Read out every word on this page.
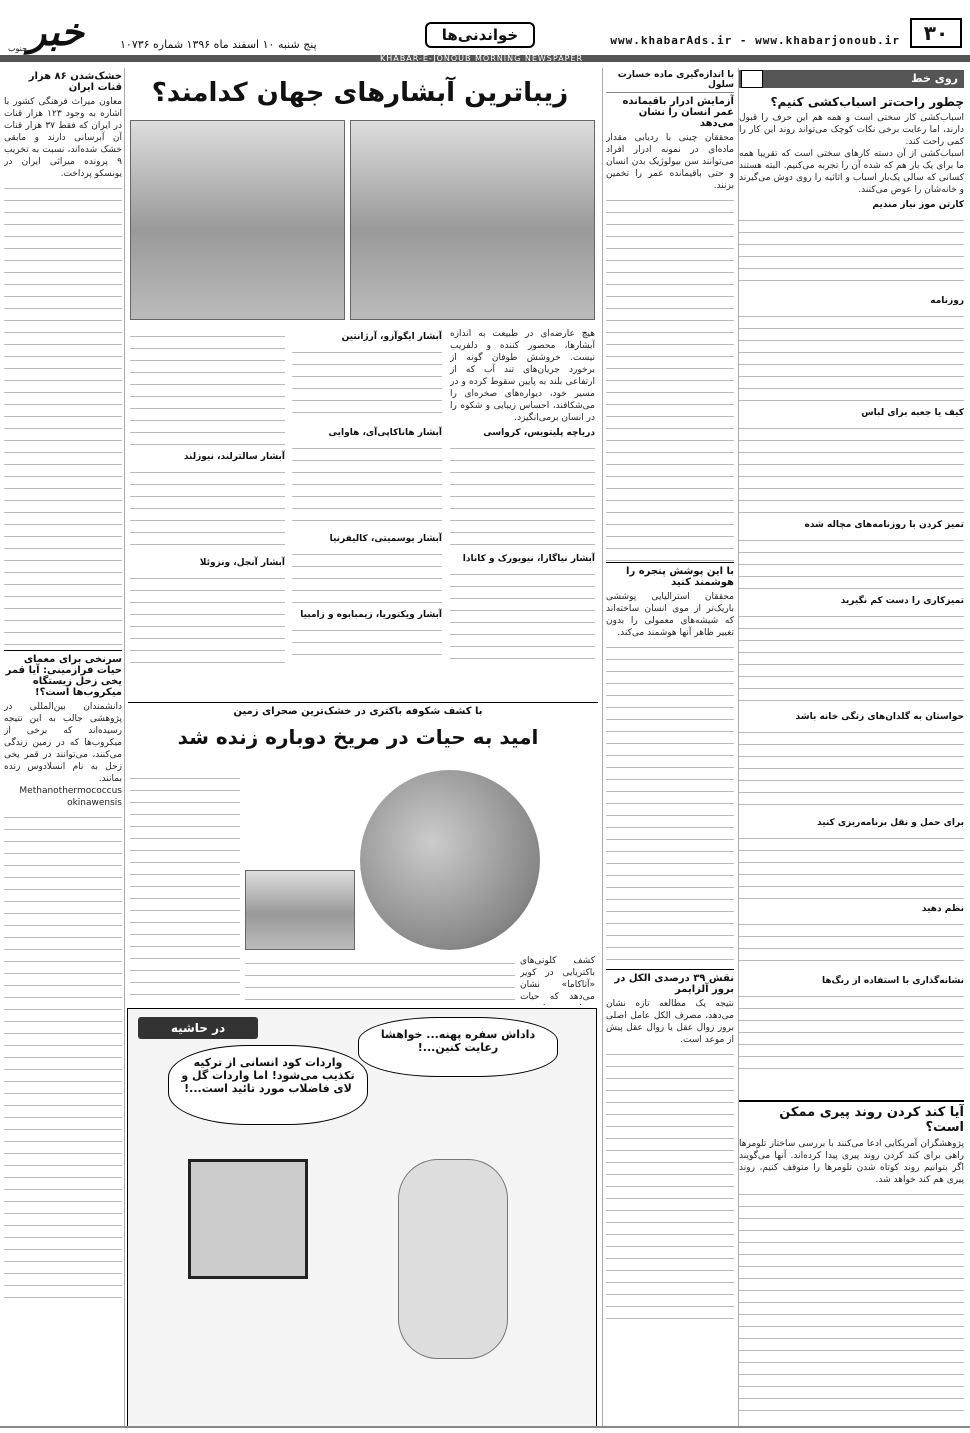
۳۰
www.khabarAds.ir - www.khabarjonoub.ir
خواندنی‌ها
پنج شنبه ۱۰ اسفند ماه ۱۳۹۶ شماره ۱۰۷۳۶
خبر
جنوب
KHABAR-E-JONOUB MORNING NEWSPAPER
روی خط
چطور راحت‌تر اسباب‌کشی کنیم؟
اسباب‌کشی کار سختی است و همه هم این حرف را قبول دارند، اما رعایت برخی نکات کوچک می‌تواند روند این کار را کمی راحت کند.
اسباب‌کشی از آن دسته کارهای سختی است که تقریبا همه ما برای یک بار هم که شده آن را تجربه می‌کنیم. البته هستند کسانی که سالی یک‌بار اسباب و اثاثیه را روی دوش می‌گیرند و خانه‌شان را عوض می‌کنند.
کارتن موز نیاز مندیم
روزنامه
کیف یا جعبه برای لباس
تمیز کردن با روزنامه‌های مچاله شده
تمیزکاری را دست کم نگیرید
حواستان به گلدان‌های زنگی خانه باشد
برای حمل و نقل برنامه‌ریزی کنید
نظم دهید
نشانه‌گذاری با استفاده از رنگ‌ها
آیا کند کردن روند پیری ممکن است؟
پژوهشگران آمریکایی ادعا می‌کنند با بررسی ساختار تلومرها راهی برای کند کردن روند پیری پیدا کرده‌اند. آنها می‌گویند اگر بتوانیم روند کوتاه شدن تلومرها را متوقف کنیم، روند پیری هم کند خواهد شد.
با اندازه‌گیری ماده خسارت سلول
آزمایش ادرار باقیمانده عمر انسان را نشان می‌دهد
محققان چینی با ردیابی مقدار ماده‌ای در نمونه ادرار افراد می‌توانند سن بیولوژیک‌ بدن انسان و حتی باقیمانده عمر را تخمین بزنند.
با این پوشش پنجره را هوشمند کنید
محققان استرالیایی پوششی باریک‌تر از موی انسان ساخته‌اند که شیشه‌های معمولی را بدون تغییر ظاهر آنها هوشمند می‌کند.
نقش ۳۹ درصدی الکل در بروز آلزایمر
نتیجه یک مطالعه تازه نشان می‌دهد، مصرف الکل عامل اصلی بروز زوال عقل یا زوال عقل پیش از موعد است.
زیباترین آبشارهای جهان کدامند؟
هیچ عارضه‌ای در طبیعت به اندازه آبشارها، محصور کننده و دلفریب نیست. خروشش طوفان گونه از برخورد جریان‌های تند آب که از ارتفاعی بلند به پایین سقوط کرده و در مسیر خود، دیواره‌های صخره‌ای را می‌شکافند، احساس زیبایی و شکوه را در انسان برمی‌انگیزد.
دریاچه پلیتویس، کرواسی
آبشار نیاگارا، نیویورک و کانادا
آبشار ایگوآزو، آرژانتین
آبشار هاناکاپی‌آی، هاوایی
آبشار یوسمیتی، کالیفرنیا
آبشار ویکتوریا، زیمبابوه و زامبیا
آبشار سالترلند، نیوزلند
آبشار آنجل، ونزوئلا
با کشف شکوفه باکتری در خشک‌ترین صحرای زمین
امید به حیات در مریخ دوباره زنده شد
کشف کلونی‌های باکتریایی در کویر «آتاکاما» نشان می‌دهد که حیات
در حاشیه	داداش سفره پهنه... خواهشا رعایت کنین...!
واردات کود انسانی از ترکیه تکذیب می‌شود! اما واردات گل و لای فاضلاب مورد تائید است...!
خشک‌شدن ۸۶ هزار قنات ایران
معاون میراث فرهنگی کشور با اشاره به وجود ۱۲۳ هزار قنات در ایران که فقط ۳۷ هزار قنات آن آبرسانی دارند و مابقی خشک شده‌اند، نسبت به تخریب ۹ پرونده میراثی ایران در یونسکو پرداخت.
سرنخی برای معمای حیات فرازمینی: آیا قمر یخی زحل زیستگاه میکروب‌ها است؟!
دانشمندان بین‌المللی در پژوهشی جالب به این نتیجه رسیده‌اند که برخی از میکروب‌ها که در زمین زندگی می‌کنند، می‌توانند در قمر یخی زحل به نام انسلادوس زنده بمانند. Methanothermococcus okinawensis
